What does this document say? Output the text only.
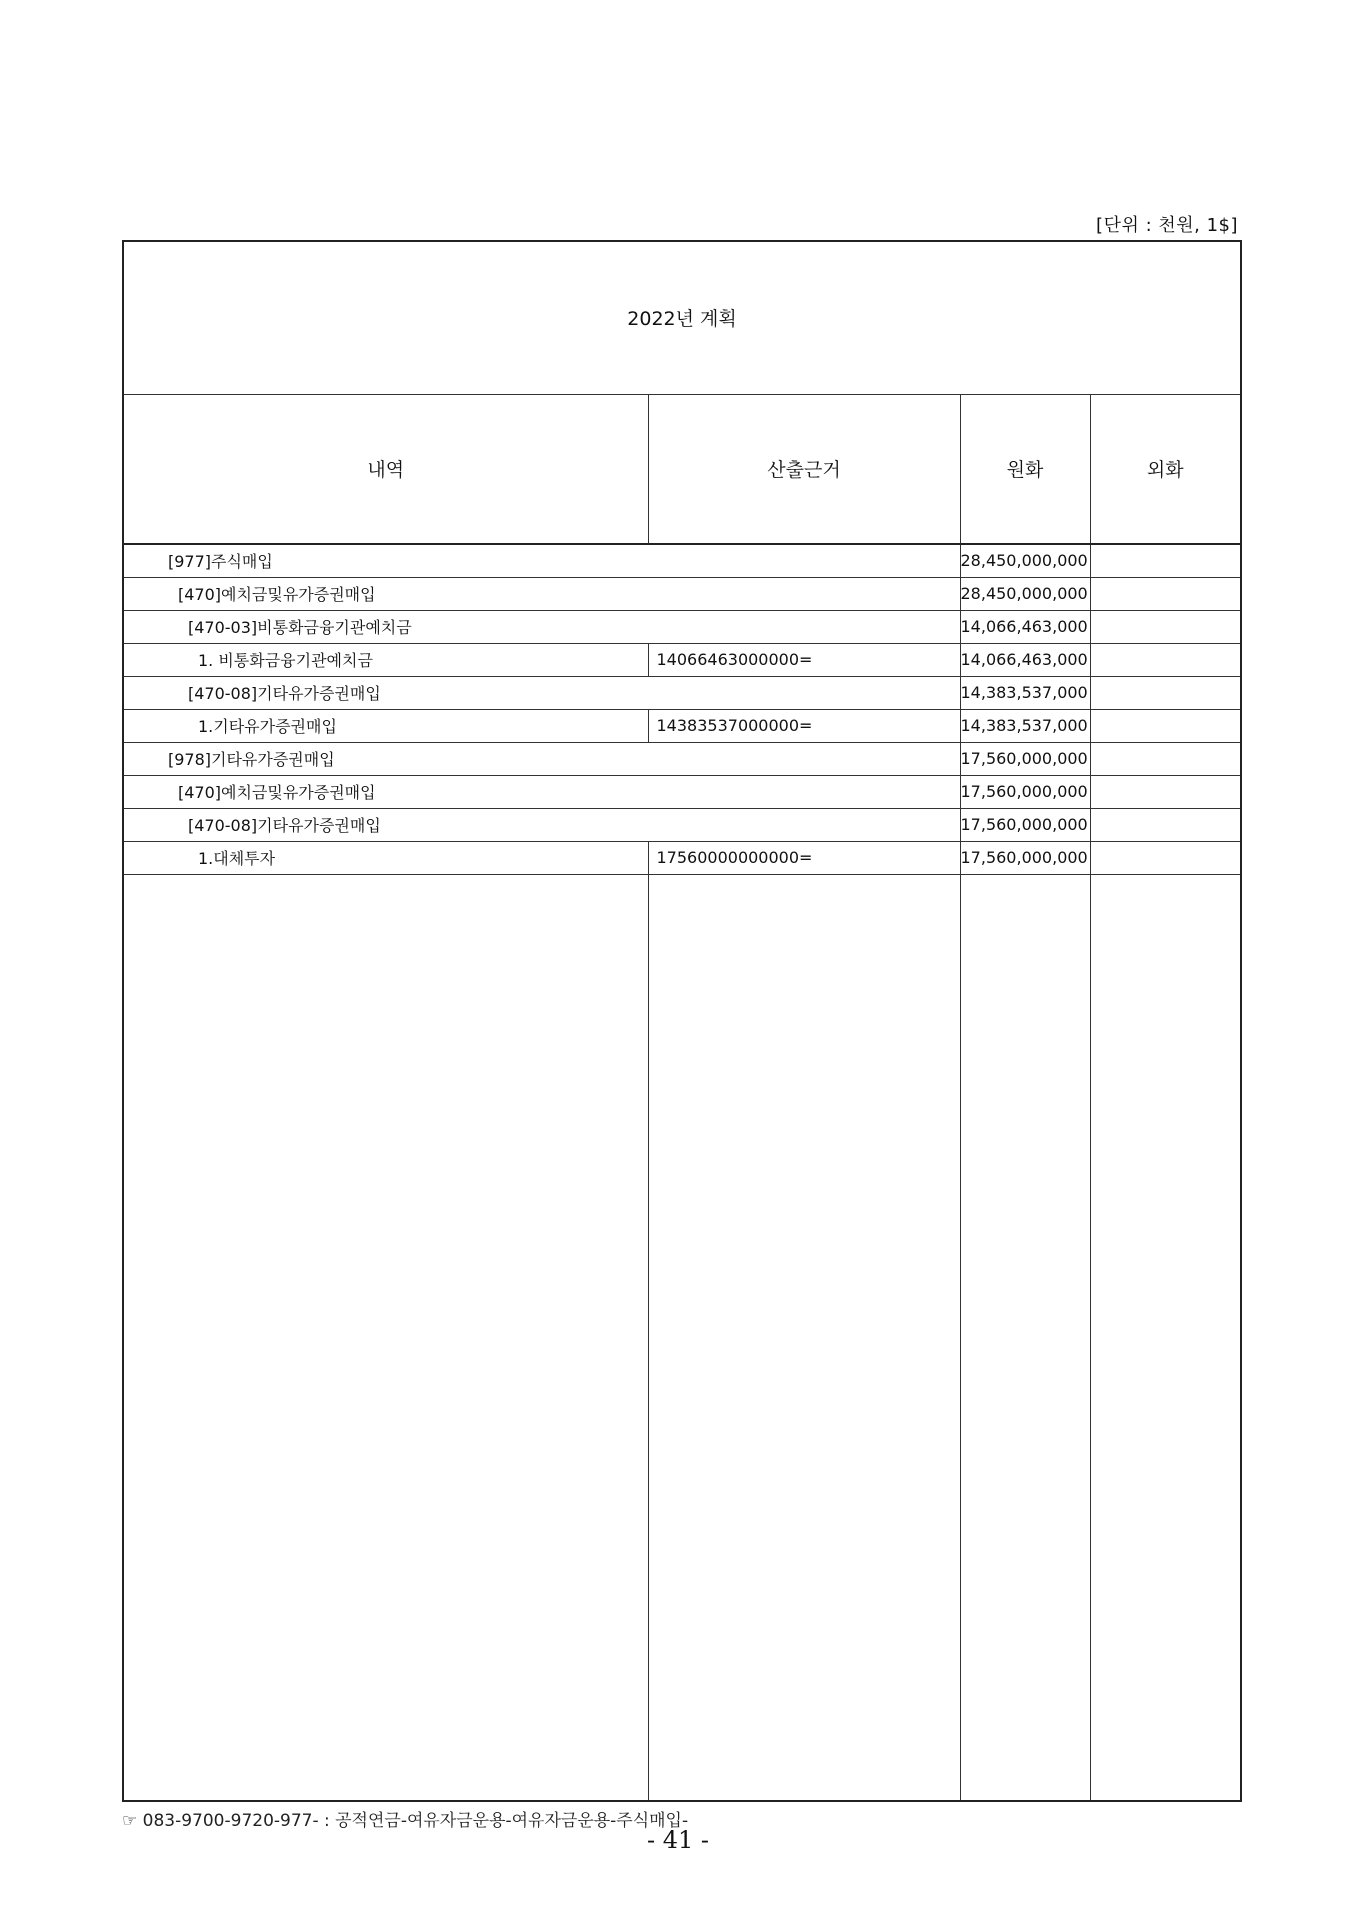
[단위 : 천원, 1$]
2022년 계획			
내역	산출근거	원화	외화
[977]주식매입		28,450,000,000	
[470]예치금및유가증권매입		28,450,000,000	
[470-03]비통화금융기관예치금		14,066,463,000	
1. 비통화금융기관예치금	14066463000000=	14,066,463,000	
[470-08]기타유가증권매입		14,383,537,000	
1.기타유가증권매입	14383537000000=	14,383,537,000	
[978]기타유가증권매입		17,560,000,000	
[470]예치금및유가증권매입		17,560,000,000	
[470-08]기타유가증권매입		17,560,000,000	
1.대체투자	17560000000000=	17,560,000,000	

☞ 083-9700-9720-977- : 공적연금-여유자금운용-여유자금운용-주식매입-
- 41 -
